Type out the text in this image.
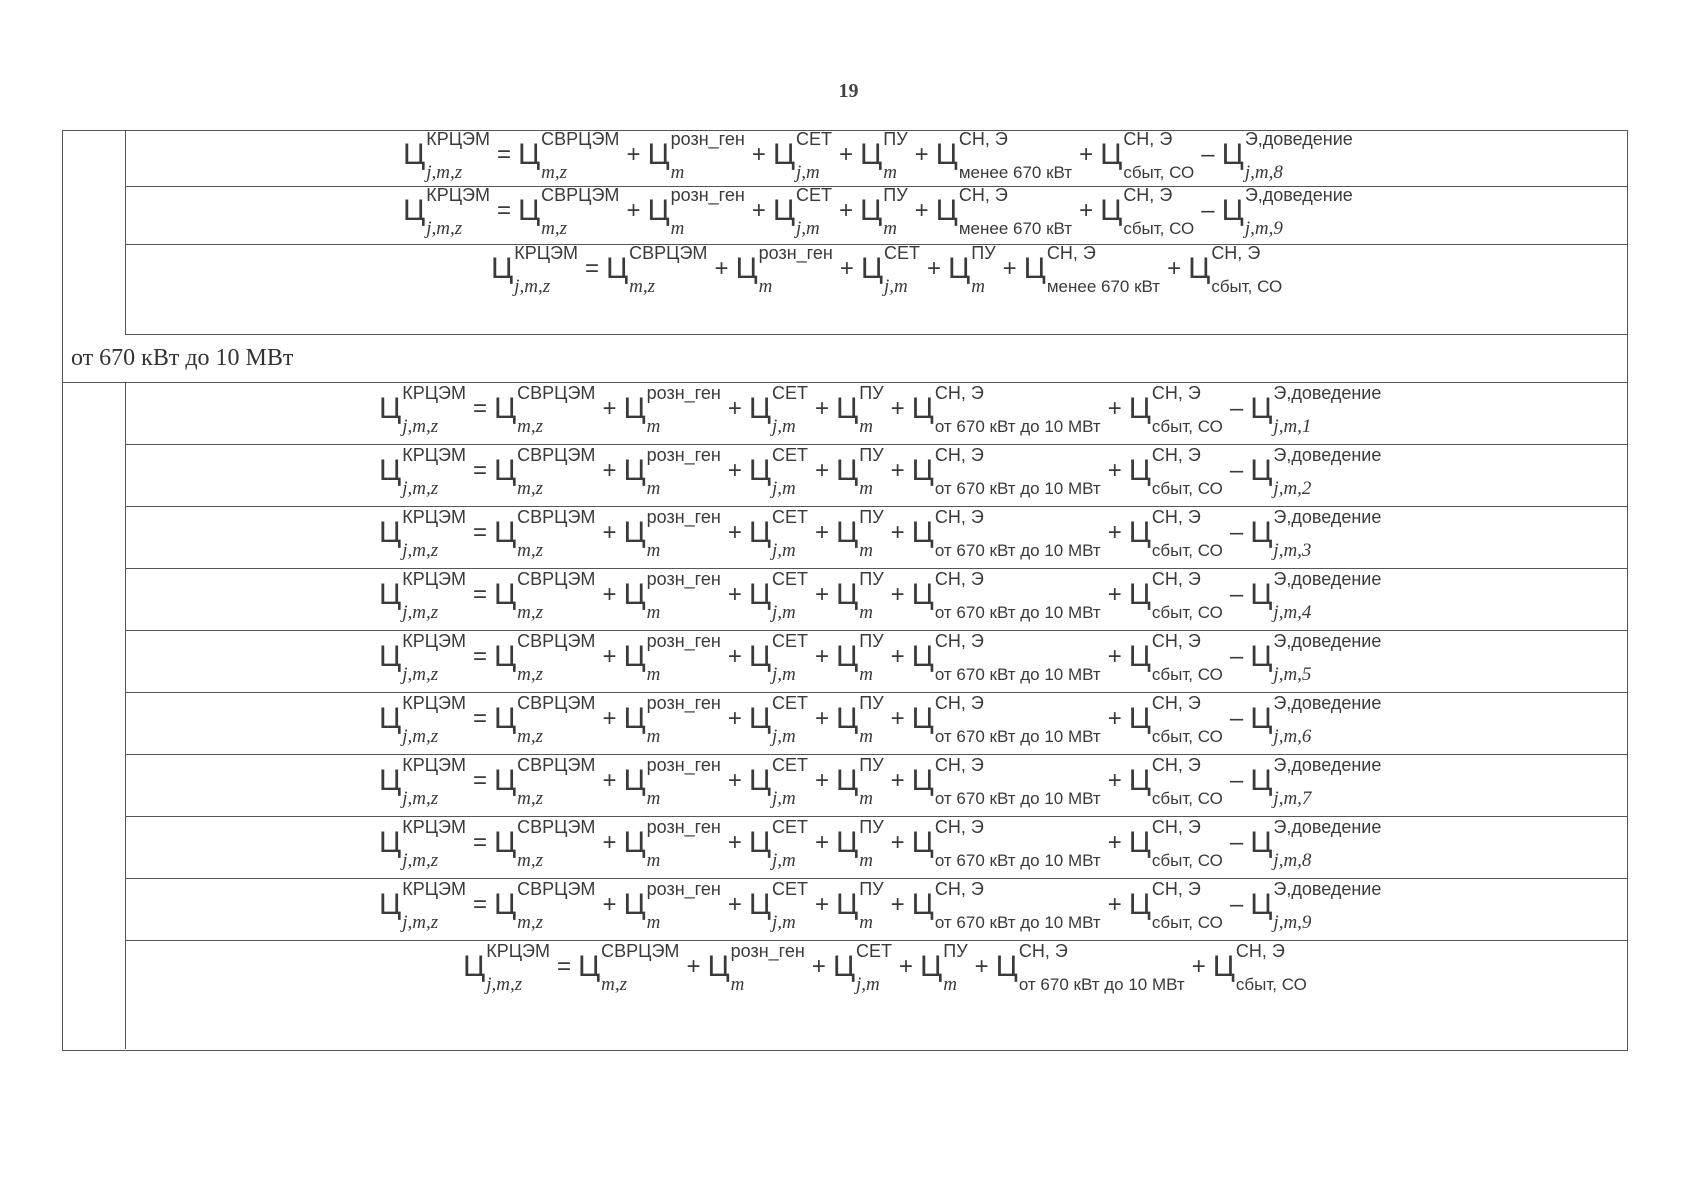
19
Ц КРЦЭМ
j,m,z
= Ц СВРЦЭМ
m,z
+ Ц розн_ген
m
+ Ц СЕТ
j,m
+ Ц ПУ
m
+ Ц СН, Э
менее 670 кВт
+ Ц СН, Э
сбыт, СО
– Ц Э,доведение
j,m,8
Ц КРЦЭМ
j,m,z
= Ц СВРЦЭМ
m,z
+ Ц розн_ген
m
+ Ц СЕТ
j,m
+ Ц ПУ
m
+ Ц СН, Э
менее 670 кВт
+ Ц СН, Э
сбыт, СО
– Ц Э,доведение
j,m,9
Ц КРЦЭМ
j,m,z
= Ц СВРЦЭМ
m,z
+ Ц розн_ген
m
+ Ц СЕТ
j,m
+ Ц ПУ
m
+ Ц СН, Э
менее 670 кВт
+ Ц СН, Э
сбыт, СО
от 670 кВт до 10 МВт
Ц КРЦЭМ
j,m,z
= Ц СВРЦЭМ
m,z
+ Ц розн_ген
m
+ Ц СЕТ
j,m
+ Ц ПУ
m
+ Ц СН, Э
от 670 кВт до 10 МВт
+ Ц СН, Э
сбыт, СО
– Ц Э,доведение
j,m,1
Ц КРЦЭМ
j,m,z
= Ц СВРЦЭМ
m,z
+ Ц розн_ген
m
+ Ц СЕТ
j,m
+ Ц ПУ
m
+ Ц СН, Э
от 670 кВт до 10 МВт
+ Ц СН, Э
сбыт, СО
– Ц Э,доведение
j,m,2
Ц КРЦЭМ
j,m,z
= Ц СВРЦЭМ
m,z
+ Ц розн_ген
m
+ Ц СЕТ
j,m
+ Ц ПУ
m
+ Ц СН, Э
от 670 кВт до 10 МВт
+ Ц СН, Э
сбыт, СО
– Ц Э,доведение
j,m,3
Ц КРЦЭМ
j,m,z
= Ц СВРЦЭМ
m,z
+ Ц розн_ген
m
+ Ц СЕТ
j,m
+ Ц ПУ
m
+ Ц СН, Э
от 670 кВт до 10 МВт
+ Ц СН, Э
сбыт, СО
– Ц Э,доведение
j,m,4
Ц КРЦЭМ
j,m,z
= Ц СВРЦЭМ
m,z
+ Ц розн_ген
m
+ Ц СЕТ
j,m
+ Ц ПУ
m
+ Ц СН, Э
от 670 кВт до 10 МВт
+ Ц СН, Э
сбыт, СО
– Ц Э,доведение
j,m,5
Ц КРЦЭМ
j,m,z
= Ц СВРЦЭМ
m,z
+ Ц розн_ген
m
+ Ц СЕТ
j,m
+ Ц ПУ
m
+ Ц СН, Э
от 670 кВт до 10 МВт
+ Ц СН, Э
сбыт, СО
– Ц Э,доведение
j,m,6
Ц КРЦЭМ
j,m,z
= Ц СВРЦЭМ
m,z
+ Ц розн_ген
m
+ Ц СЕТ
j,m
+ Ц ПУ
m
+ Ц СН, Э
от 670 кВт до 10 МВт
+ Ц СН, Э
сбыт, СО
– Ц Э,доведение
j,m,7
Ц КРЦЭМ
j,m,z
= Ц СВРЦЭМ
m,z
+ Ц розн_ген
m
+ Ц СЕТ
j,m
+ Ц ПУ
m
+ Ц СН, Э
от 670 кВт до 10 МВт
+ Ц СН, Э
сбыт, СО
– Ц Э,доведение
j,m,8
Ц КРЦЭМ
j,m,z
= Ц СВРЦЭМ
m,z
+ Ц розн_ген
m
+ Ц СЕТ
j,m
+ Ц ПУ
m
+ Ц СН, Э
от 670 кВт до 10 МВт
+ Ц СН, Э
сбыт, СО
– Ц Э,доведение
j,m,9
Ц КРЦЭМ
j,m,z
= Ц СВРЦЭМ
m,z
+ Ц розн_ген
m
+ Ц СЕТ
j,m
+ Ц ПУ
m
+ Ц СН, Э
от 670 кВт до 10 МВт
+ Ц СН, Э
сбыт, СО
